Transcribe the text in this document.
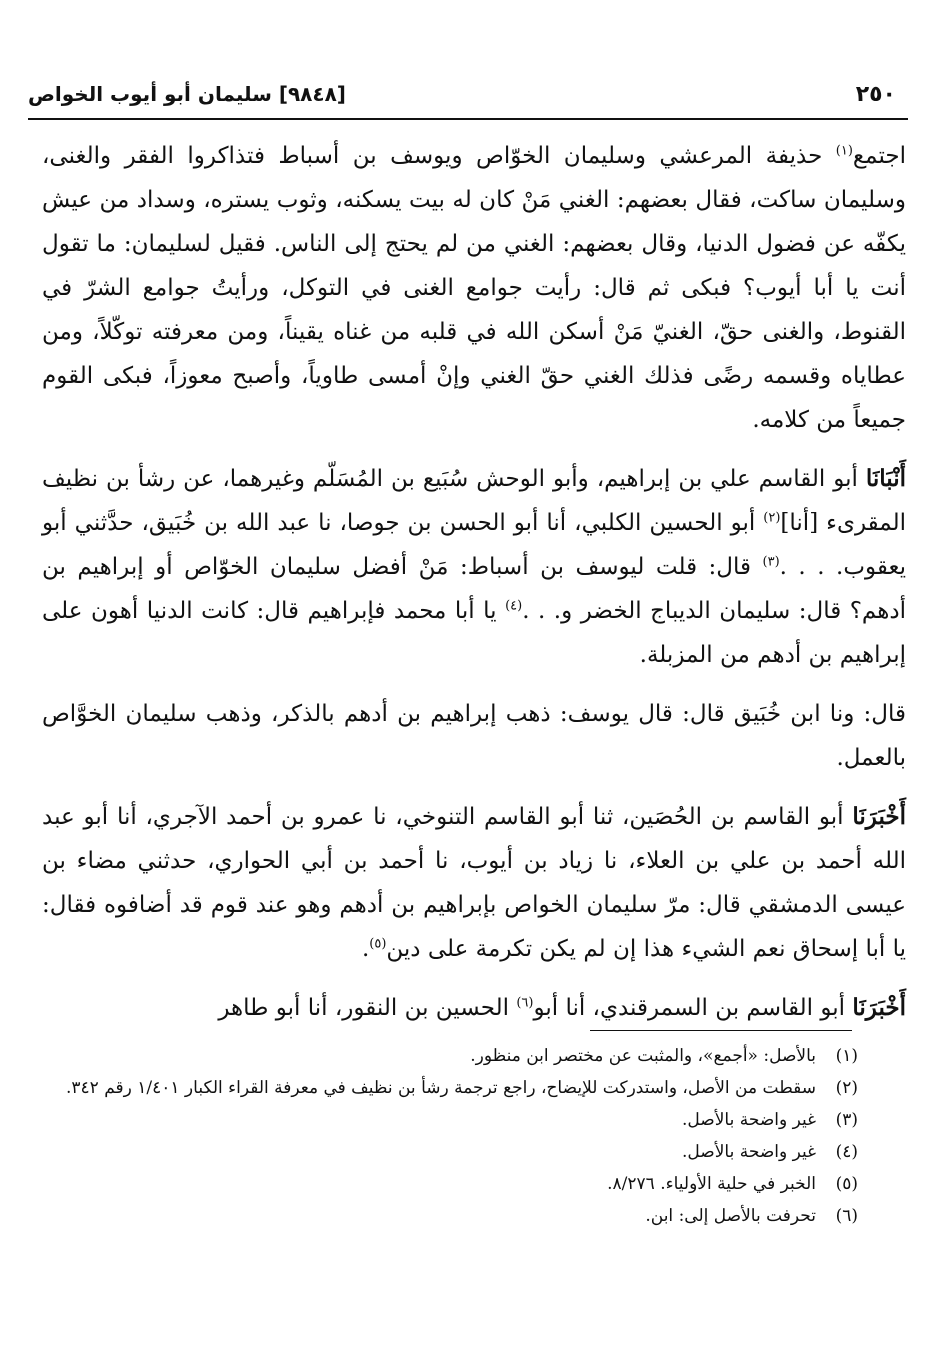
٢٥٠
[٩٨٤٨] سليمان أبو أيوب الخواص

اجتمع$^{(١)}$ حذيفة المرعشي وسليمان الخوّاص ويوسف بن أسباط فتذاكروا الفقر والغنى، وسليمان ساكت، فقال بعضهم: الغني مَنْ كان له بيت يسكنه، وثوب يستره، وسداد من عيش يكفّه عن فضول الدنيا، وقال بعضهم: الغني من لم يحتج إلى الناس. فقيل لسليمان: ما تقول أنت يا أبا أيوب؟ فبكى ثم قال: رأيت جوامع الغنى في التوكل، ورأيتُ جوامع الشرّ في القنوط، والغنى حقّ، الغنيّ مَنْ أسكن الله في قلبه من غناه يقيناً، ومن معرفته توكّلاً، ومن عطاياه وقسمه رضًى فذلك الغني حقّ الغني وإنْ أمسى طاوياً، وأصبح معوزاً، فبكى القوم جميعاً من كلامه.

أَنْبَانَا أبو القاسم علي بن إبراهيم، وأبو الوحش سُبَيع بن المُسَلّم وغيرهما، عن رشأ بن نظيف المقرىء [أنا]$^{(٢)}$ أبو الحسين الكلبي، أنا أبو الحسن بن جوصا، نا عبد الله بن خُبَيق، حدَّثني أبو يعقوب. . . .$^{(٣)}$ قال: قلت ليوسف بن أسباط: مَنْ أفضل سليمان الخوّاص أو إبراهيم بن أدهم؟ قال: سليمان الديباج الخضر و. . .$^{(٤)}$ يا أبا محمد فإبراهيم قال: كانت الدنيا أهون على إبراهيم بن أدهم من المزبلة.

قال: ونا ابن خُبَيق قال: قال يوسف: ذهب إبراهيم بن أدهم بالذكر، وذهب سليمان الخوَّاص بالعمل.

أَخْبَرَنَا أبو القاسم بن الحُصَين، ثنا أبو القاسم التنوخي، نا عمرو بن أحمد الآجري، أنا أبو عبد الله أحمد بن علي بن العلاء، نا زياد بن أيوب، نا أحمد بن أبي الحواري، حدثني مضاء بن عيسى الدمشقي قال: مرّ سليمان الخواص بإبراهيم بن أدهم وهو عند قوم قد أضافوه فقال: يا أبا إسحاق نعم الشيء هذا إن لم يكن تكرمة على دين$^{(٥)}$.

أَخْبَرَنَا أبو القاسم بن السمرقندي، أنا أبو$^{(٦)}$ الحسين بن النقور، أنا أبو طاهر

(١)
بالأصل: «أجمع»، والمثبت عن مختصر ابن منظور.
(٢)
سقطت من الأصل، واستدركت للإيضاح، راجع ترجمة رشأ بن نظيف في معرفة القراء الكبار ١/٤٠١ رقم ٣٤٢.
(٣)
غير واضحة بالأصل.
(٤)
غير واضحة بالأصل.
(٥)
الخبر في حلية الأولياء. ٨/٢٧٦.
(٦)
تحرفت بالأصل إلى: ابن.
